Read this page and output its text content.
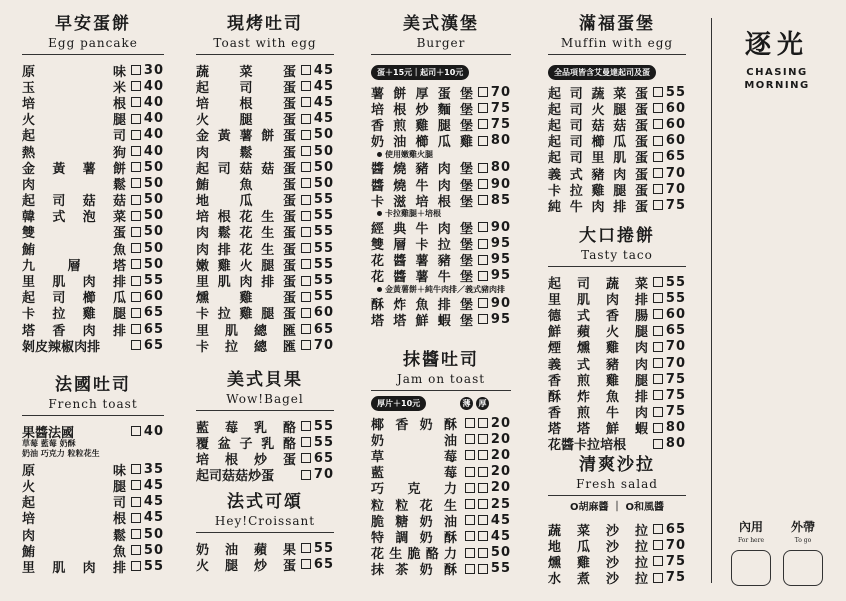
早安蛋餅
Egg pancake
原	味 30
玉	米 40
培	根 40
火	腿 40
起	司 40
熱	狗 40
金 黃 薯 餅 50
肉	鬆 50
起 司 菇 菇 50
韓 式 泡 菜 50
雙	蛋 50
鮪	魚 50
九 層 塔 50
里 肌 肉 排 55
起 司 櫛 瓜 60
卡 拉 雞 腿 65
塔 香 肉 排 65
剝 皮 辣 椒 肉 排	65
法國吐司
French toast
果醬法國	40
草莓 藍莓 奶酥
奶油 巧克力 粒粒花生
原	味 35
火	腿 45
起	司 45
培	根 45
肉	鬆 50
鮪	魚 50
里 肌 肉 排 55
現烤吐司
Toast with egg
蔬 菜 蛋 45
起 司 蛋 45
培 根 蛋 45
火 腿 蛋 45
金 黃 薯 餅 蛋 50
肉 鬆 蛋 50
起 司 菇 菇 蛋 50
鮪 魚 蛋 50
地 瓜 蛋 55
培 根 花 生 蛋 55
肉 鬆 花 生 蛋 55
肉 排 花 生 蛋 55
嫩 雞 火 腿 蛋 55
里 肌 肉 排 蛋 55
燻 雞 蛋 55
卡 拉 雞 腿 蛋 60
里 肌 總 匯 65
卡 拉 總 匯 70
美式貝果
Wow!Bagel
藍 莓 乳 酪 55
覆 盆 子 乳 酪 55
培 根 炒 蛋 65
起 司 菇 菇 炒 蛋	70
法式可頌
Hey!Croissant
奶 油 蘋 果 55
火 腿 炒 蛋 65
美式漢堡
Burger
蛋＋15元｜起司＋10元
薯 餅 厚 蛋 堡 70
培 根 炒 麵 堡 75
香 煎 雞 腿 堡 75
奶 油 櫛 瓜 雞 80
使用嫩雞火腿
醬 燒 豬 肉 堡 80
醬 燒 牛 肉 堡 90
卡 滋 培 根 堡 85
卡拉雞腿＋培根
經 典 牛 肉 堡 90
雙 層 卡 拉 堡 95
花 醬 薯 豬 堡 95
花 醬 薯 牛 堡 95
金黃薯餅＋純牛肉排／義式豬肉排
酥 炸 魚 排 堡 90
塔 塔 鮮 蝦 堡 95
抹醬吐司
Jam on toast
厚片＋10元	薄	厚
椰 香 奶 酥	20
奶	油	20
草	莓	20
藍	莓	20
巧 克 力	20
粒 粒 花 生	25
脆 糖 奶 油	45
特 調 奶 酥	45
花 生 脆 酪 力	50
抹 茶 奶 酥	55
滿福蛋堡
Muffin with egg
全品項皆含艾曼達起司及蛋
起 司 蔬 菜 蛋 55
起 司 火 腿 蛋 60
起 司 菇 菇 蛋 60
起 司 櫛 瓜 蛋 60
起 司 里 肌 蛋 65
義 式 豬 肉 蛋 70
卡 拉 雞 腿 蛋 70
純 牛 肉 排 蛋 75
大口捲餅
Tasty taco
起 司 蔬 菜 55
里 肌 肉 排 55
德 式 香 腸 60
鮮 蘋 火 腿 65
煙 燻 雞 肉 70
義 式 豬 肉 70
香 煎 雞 腿 75
酥 炸 魚 排 75
香 煎 牛 肉 75
塔 塔 鮮 蝦 80
花 醬 卡 拉 培 根	80
清爽沙拉
Fresh salad
O胡麻醬 ｜ O和風醬
蔬 菜 沙 拉 65
地 瓜 沙 拉 70
燻 雞 沙 拉 75
水 煮 沙 拉 75
逐光
CHASING
MORNING
內用
For here
外帶
To go
